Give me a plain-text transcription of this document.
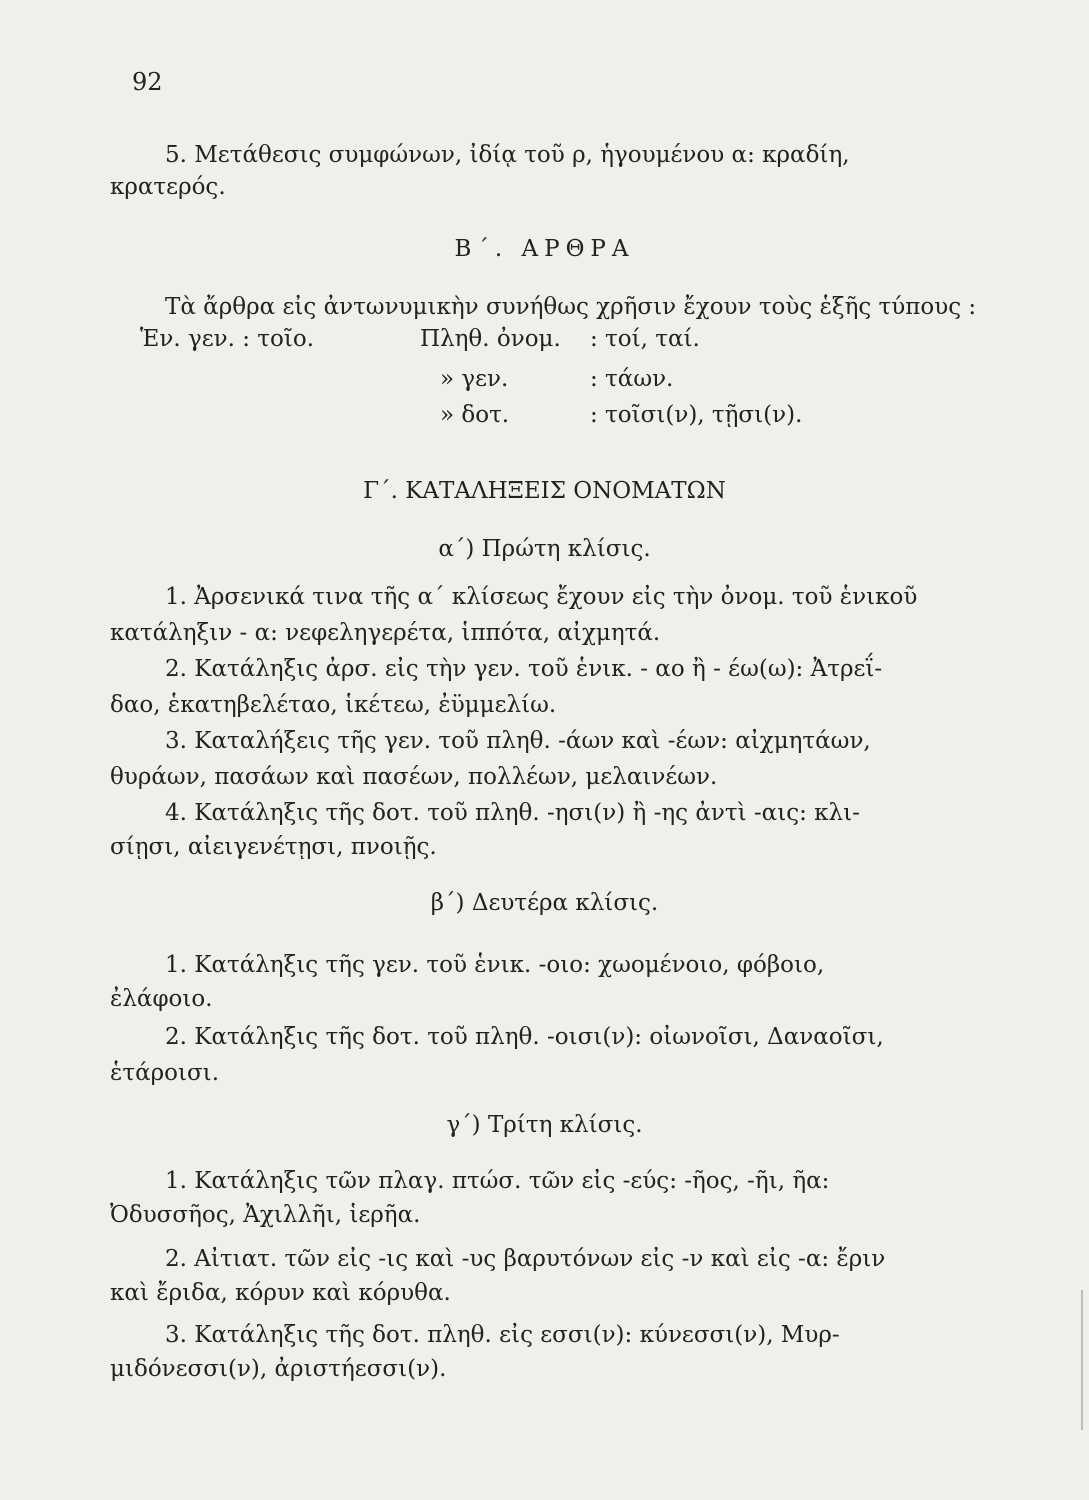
92
5. Μετάθεσις συμφώνων, ἰδίᾳ τοῦ ρ, ἡγουμένου α: κραδίη,
κρατερός.
Β΄. ΑΡΘΡΑ
Τὰ ἄρθρα εἰς ἀντωνυμικὴν συνήθως χρῆσιν ἔχουν τοὺς ἑξῆς τύπους :
Ἑν. γεν. : τοῖο.	Πληθ. ὀνομ. : τοί, ταί.
» γεν.	: τάων.
» δοτ.	: τοῖσι(ν), τῇσι(ν).
Γ΄. ΚΑΤΑΛΗΞΕΙΣ ΟΝΟΜΑΤΩΝ
α΄) Πρώτη κλίσις.
1. Ἀρσενικά τινα τῆς α΄ κλίσεως ἔχουν εἰς τὴν ὀνομ. τοῦ ἑνικοῦ
κατάληξιν - α: νεφεληγερέτα, ἱππότα, αἰχμητά.
2. Κατάληξις ἀρσ. εἰς τὴν γεν. τοῦ ἑνικ. - αο ἢ - έω(ω): Ἀτρεΐ-
δαο, ἑκατηβελέταο, ἱκέτεω, ἐϋμμελίω.
3. Καταλήξεις τῆς γεν. τοῦ πληθ. -άων καὶ -έων: αἰχμητάων,
θυράων, πασάων καὶ πασέων, πολλέων, μελαινέων.
4. Κατάληξις τῆς δοτ. τοῦ πληθ. -ησι(ν) ἢ -ης ἀντὶ -αις: κλι-
σίῃσι, αἰειγενέτῃσι, πνοιῇς.
β΄) Δευτέρα κλίσις.
1. Κατάληξις τῆς γεν. τοῦ ἑνικ. -οιο: χωομένοιο, φόβοιο,
ἐλάφοιο.
2. Κατάληξις τῆς δοτ. τοῦ πληθ. -οισι(ν): οἰωνοῖσι, Δαναοῖσι,
ἑτάροισι.
γ΄) Τρίτη κλίσις.
1. Κατάληξις τῶν πλαγ. πτώσ. τῶν εἰς -εύς: -ῆος, -ῆι, ῆα:
Ὀδυσσῆος, Ἀχιλλῆι, ἱερῆα.
2. Αἰτιατ. τῶν εἰς -ις καὶ -υς βαρυτόνων εἰς -ν καὶ εἰς -α: ἔριν
καὶ ἔριδα, κόρυν καὶ κόρυθα.
3. Κατάληξις τῆς δοτ. πληθ. εἰς εσσι(ν): κύνεσσι(ν), Μυρ-
μιδόνεσσι(ν), ἀριστήεσσι(ν).
